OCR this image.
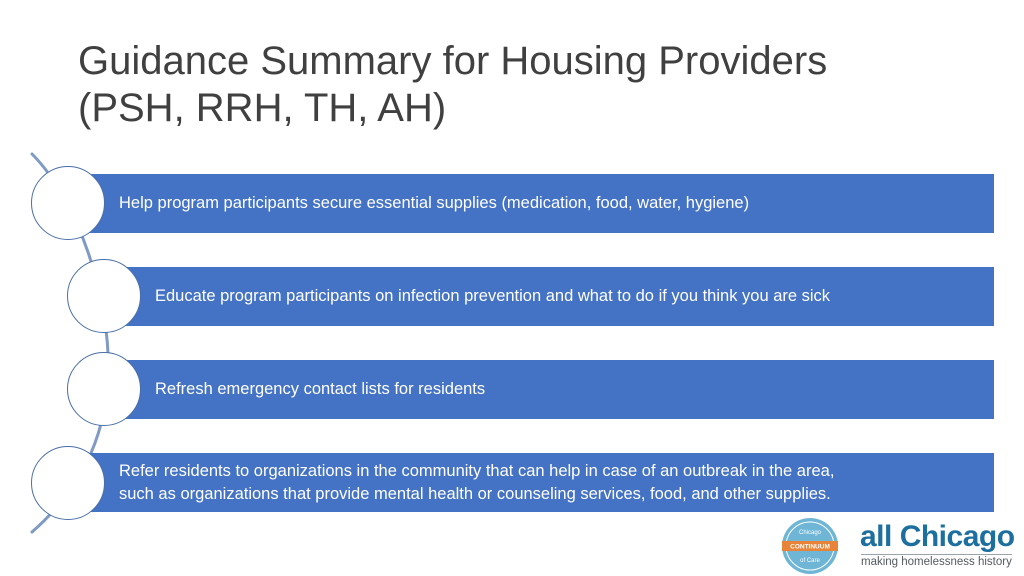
Guidance Summary for Housing Providers
(PSH, RRH, TH, AH)
Help program participants secure essential supplies (medication, food, water, hygiene)
Educate program participants on infection prevention and what to do if you think you are sick
Refresh emergency contact lists for residents
Refer residents to organizations in the community that can help in case of an outbreak in the area,
such as organizations that provide mental health or counseling services, food, and other supplies.
Chicago
CONTINUUM
of Care
all Chicago
making homelessness history
